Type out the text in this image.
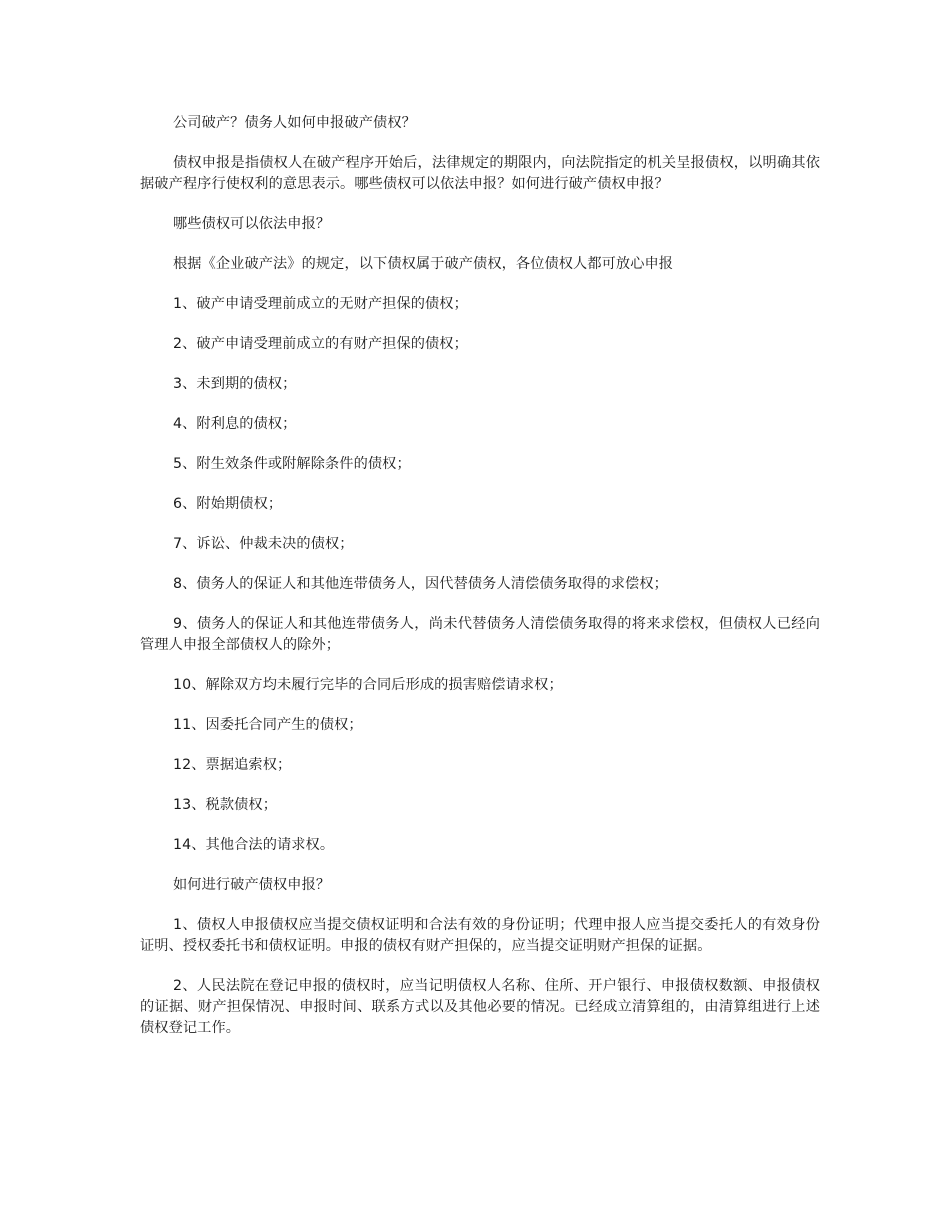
公司破产？债务人如何申报破产债权？

债权申报是指债权人在破产程序开始后，法律规定的期限内，向法院指定的机关呈报债权，以明确其依据破产程序行使权利的意思表示。哪些债权可以依法申报？如何进行破产债权申报？

哪些债权可以依法申报？

根据《企业破产法》的规定，以下债权属于破产债权，各位债权人都可放心申报

1、破产申请受理前成立的无财产担保的债权；

2、破产申请受理前成立的有财产担保的债权；

3、未到期的债权；

4、附利息的债权；

5、附生效条件或附解除条件的债权；

6、附始期债权；

7、诉讼、仲裁未决的债权；

8、债务人的保证人和其他连带债务人，因代替债务人清偿债务取得的求偿权；

9、债务人的保证人和其他连带债务人，尚未代替债务人清偿债务取得的将来求偿权，但债权人已经向管理人申报全部债权人的除外；

10、解除双方均未履行完毕的合同后形成的损害赔偿请求权；

11、因委托合同产生的债权；

12、票据追索权；

13、税款债权；

14、其他合法的请求权。

如何进行破产债权申报？

1、债权人申报债权应当提交债权证明和合法有效的身份证明；代理申报人应当提交委托人的有效身份证明、授权委托书和债权证明。申报的债权有财产担保的，应当提交证明财产担保的证据。

2、人民法院在登记申报的债权时，应当记明债权人名称、住所、开户银行、申报债权数额、申报债权的证据、财产担保情况、申报时间、联系方式以及其他必要的情况。已经成立清算组的，由清算组进行上述债权登记工作。
